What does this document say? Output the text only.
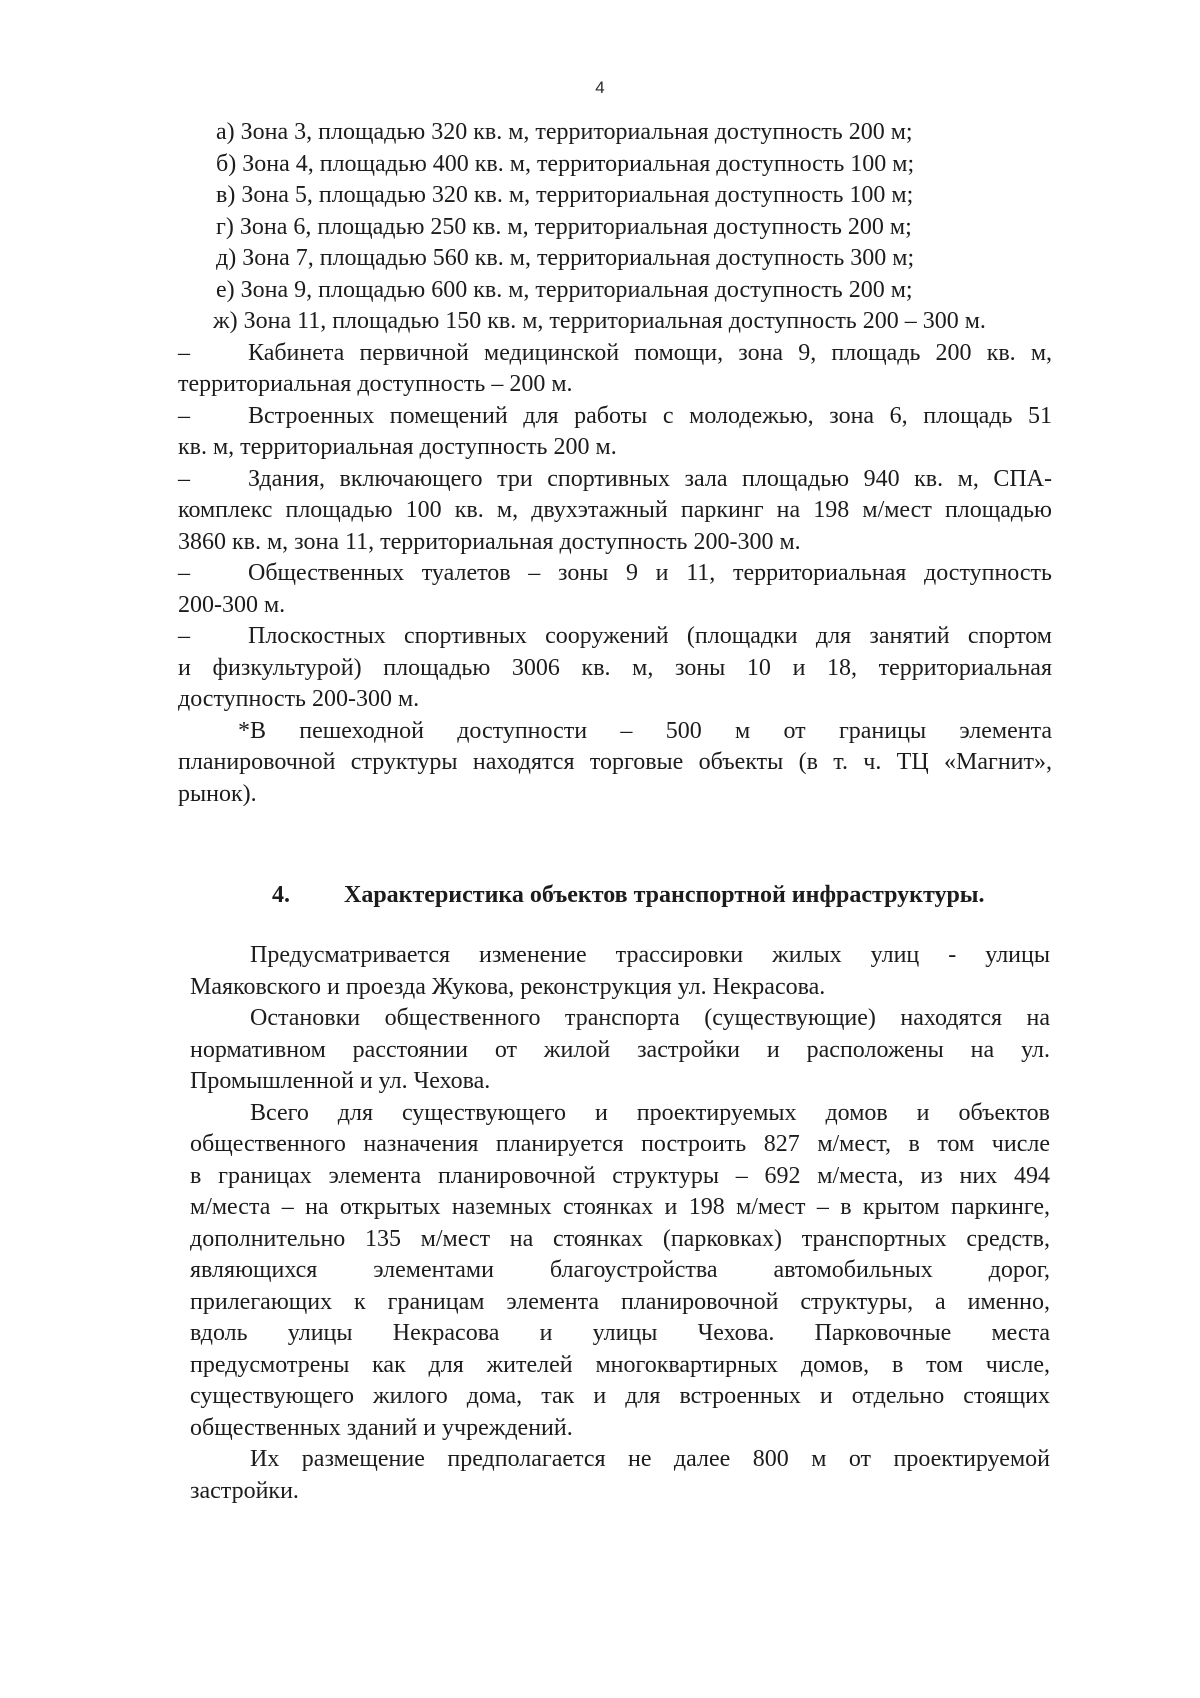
4
а) Зона 3, площадью 320 кв. м, территориальная доступность 200 м;
б) Зона 4, площадью 400 кв. м, территориальная доступность 100 м;
в) Зона 5, площадью 320 кв. м, территориальная доступность 100 м;
г) Зона 6, площадью 250 кв. м, территориальная доступность 200 м;
д) Зона 7, площадью 560 кв. м, территориальная доступность 300 м;
е) Зона 9, площадью 600 кв. м, территориальная доступность 200 м;
ж) Зона 11, площадью 150 кв. м, территориальная доступность 200 – 300 м.
–	Кабинета первичной медицинской помощи, зона 9, площадь 200 кв. м,
территориальная доступность – 200 м.
–	Встроенных помещений для работы с молодежью, зона 6, площадь 51
кв. м, территориальная доступность 200 м.
–	Здания, включающего три спортивных зала площадью 940 кв. м, СПА-
комплекс площадью 100 кв. м, двухэтажный паркинг на 198 м/мест площадью
3860 кв. м, зона 11, территориальная доступность 200-300 м.
–	Общественных туалетов – зоны 9 и 11, территориальная доступность
200-300 м.
–	Плоскостных спортивных сооружений (площадки для занятий спортом
и физкультурой) площадью 3006 кв. м, зоны 10 и 18, территориальная
доступность 200-300 м.
*В пешеходной доступности – 500 м от границы элемента
планировочной структуры находятся торговые объекты (в т. ч. ТЦ «Магнит»,
рынок).
4. Характеристика объектов транспортной инфраструктуры.
Предусматривается изменение трассировки жилых улиц - улицы
Маяковского и проезда Жукова, реконструкция ул. Некрасова.
Остановки общественного транспорта (существующие) находятся на
нормативном расстоянии от жилой застройки и расположены на ул.
Промышленной и ул. Чехова.
Всего для существующего и проектируемых домов и объектов
общественного назначения планируется построить 827 м/мест, в том числе
в границах элемента планировочной структуры – 692 м/места, из них 494
м/места – на открытых наземных стоянках и 198 м/мест – в крытом паркинге,
дополнительно 135 м/мест на стоянках (парковках) транспортных средств,
являющихся элементами благоустройства автомобильных дорог,
прилегающих к границам элемента планировочной структуры, а именно,
вдоль улицы Некрасова и улицы Чехова. Парковочные места
предусмотрены как для жителей многоквартирных домов, в том числе,
существующего жилого дома, так и для встроенных и отдельно стоящих
общественных зданий и учреждений.
Их размещение предполагается не далее 800 м от проектируемой
застройки.
